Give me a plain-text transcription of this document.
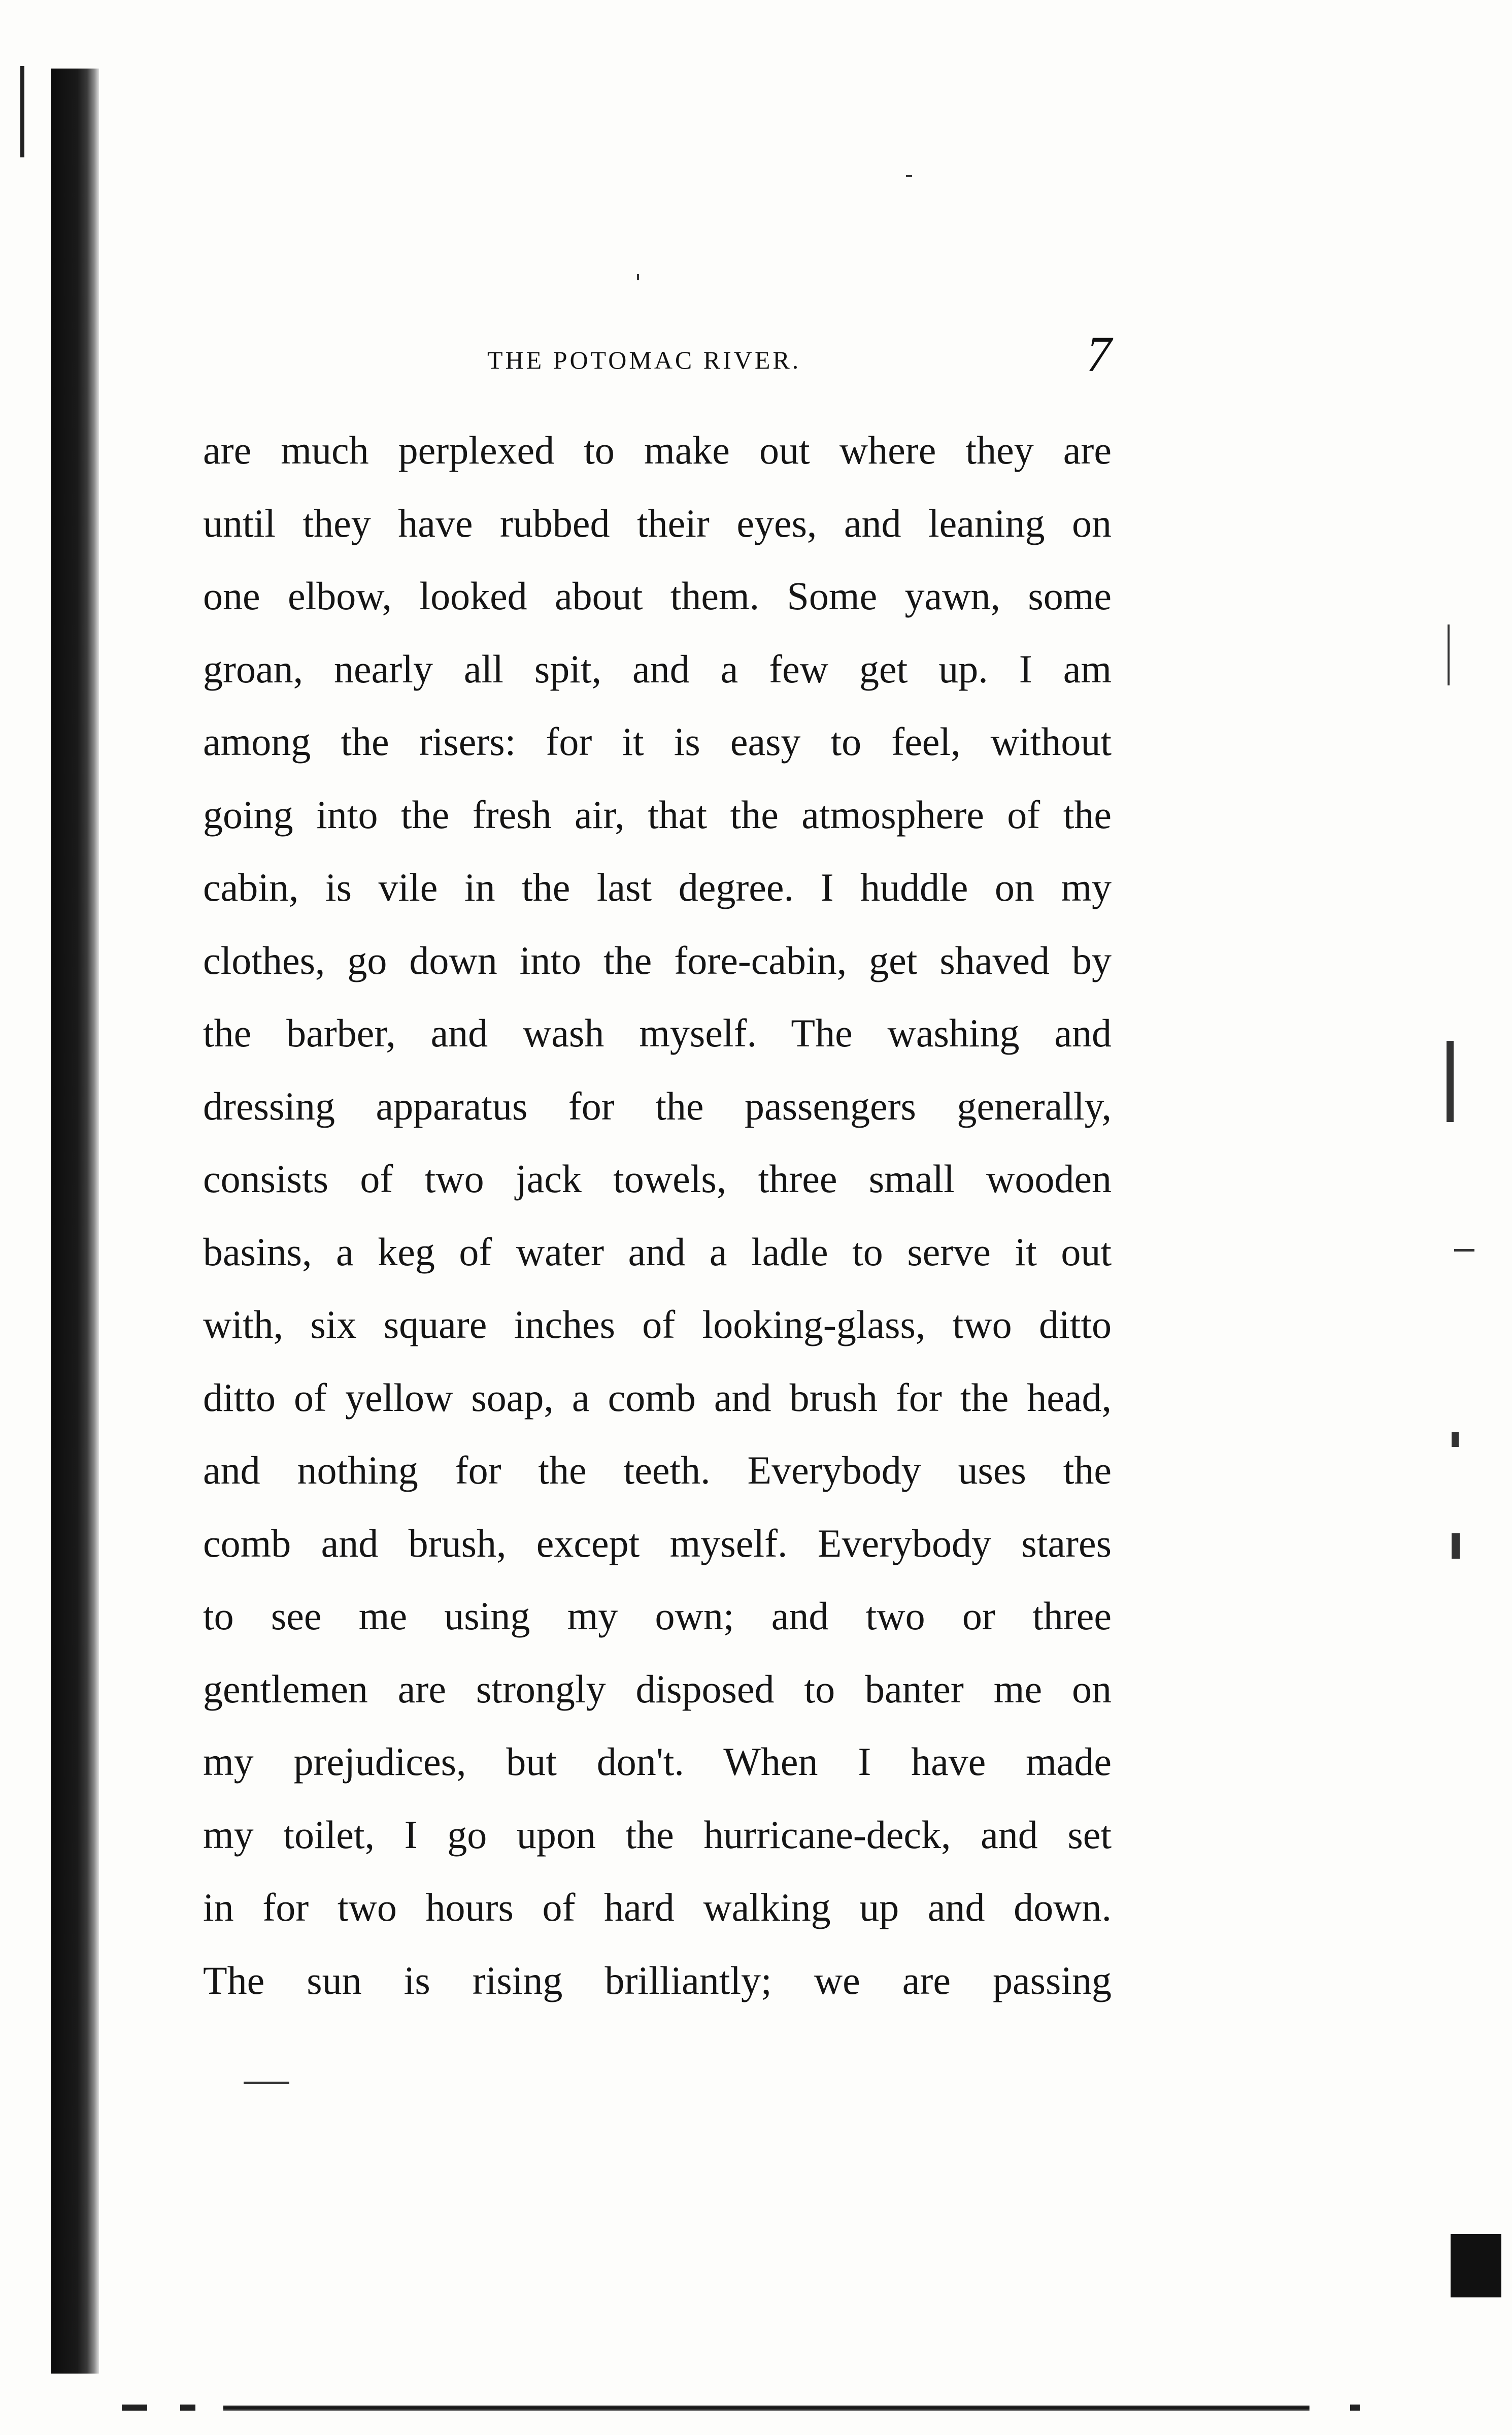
THE POTOMAC RIVER.	7
are much perplexed to make out where they are
until they have rubbed their eyes, and leaning on
one elbow, looked about them. Some yawn, some
groan, nearly all spit, and a few get up. I am
among the risers: for it is easy to feel, without
going into the fresh air, that the atmosphere of the
cabin, is vile in the last degree. I huddle on my
clothes, go down into the fore-cabin, get shaved by
the barber, and wash myself. The washing and
dressing apparatus for the passengers generally,
consists of two jack towels, three small wooden
basins, a keg of water and a ladle to serve it out
with, six square inches of looking-glass, two ditto
ditto of yellow soap, a comb and brush for the head,
and nothing for the teeth. Everybody uses the
comb and brush, except myself. Everybody stares
to see me using my own; and two or three
gentlemen are strongly disposed to banter me on
my prejudices, but don't. When I have made
my toilet, I go upon the hurricane-deck, and set
in for two hours of hard walking up and down.
The sun is rising brilliantly; we are passing
